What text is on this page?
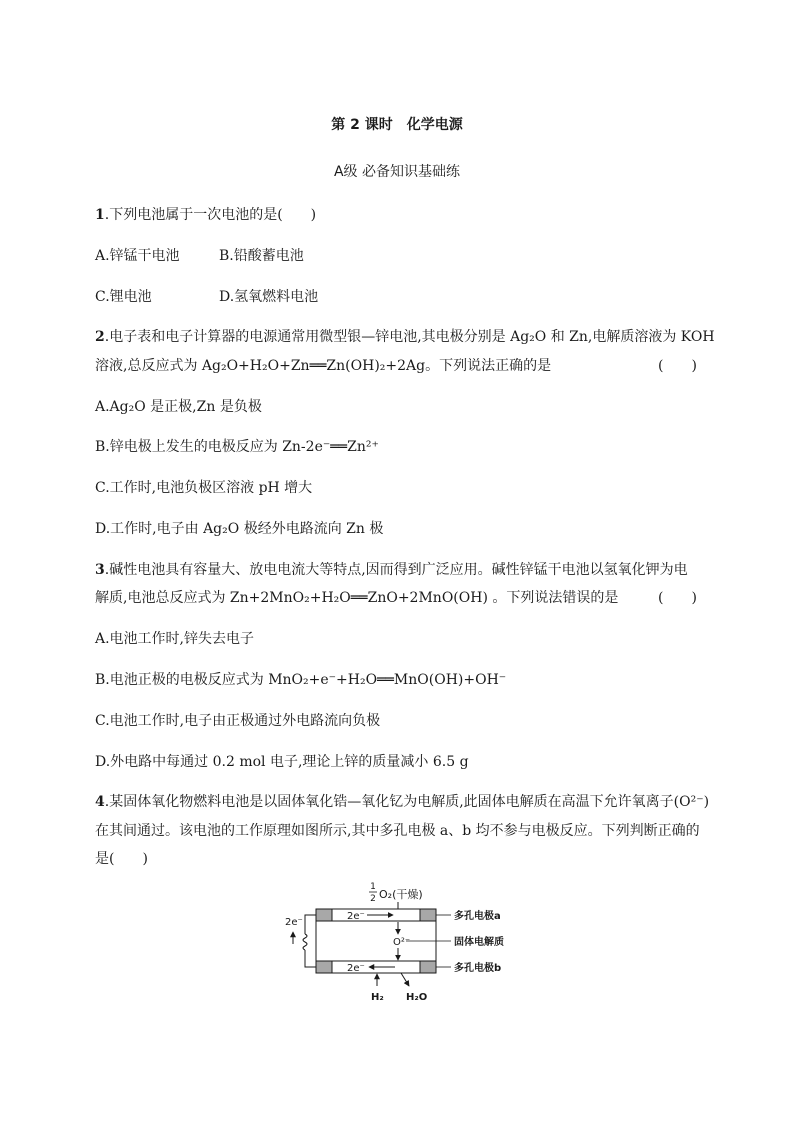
第 2 课时　化学电源
A级 必备知识基础练
1.下列电池属于一次电池的是(　　)
A.锌锰干电池	B.铅酸蓄电池
C.锂电池	D.氢氧燃料电池
2.电子表和电子计算器的电源通常用微型银—锌电池,其电极分别是 Ag₂O 和 Zn,电解质溶液为 KOH
溶液,总反应式为 Ag₂O+H₂O+Zn══Zn(OH)₂+2Ag。下列说法正确的是	(　　)
A.Ag₂O 是正极,Zn 是负极
B.锌电极上发生的电极反应为 Zn-2e⁻══Zn²⁺
C.工作时,电池负极区溶液 pH 增大
D.工作时,电子由 Ag₂O 极经外电路流向 Zn 极
3.碱性电池具有容量大、放电电流大等特点,因而得到广泛应用。碱性锌锰干电池以氢氧化钾为电
解质,电池总反应式为 Zn+2MnO₂+H₂O══ZnO+2MnO(OH) 。下列说法错误的是	(　　)
A.电池工作时,锌失去电子
B.电池正极的电极反应式为 MnO₂+e⁻+H₂O══MnO(OH)+OH⁻
C.电池工作时,电子由正极通过外电路流向负极
D.外电路中每通过 0.2 mol 电子,理论上锌的质量减小 6.5 g
4.某固体氧化物燃料电池是以固体氧化锆—氧化钇为电解质,此固体电解质在高温下允许氧离子(O²⁻)
在其间通过。该电池的工作原理如图所示,其中多孔电极 a、b 均不参与电极反应。下列判断正确的
是(　　)
1
2 O₂(干燥)
2e⁻
O²⁻
2e⁻
2e⁻
多孔电极a
固体电解质
多孔电极b
H₂ H₂O
